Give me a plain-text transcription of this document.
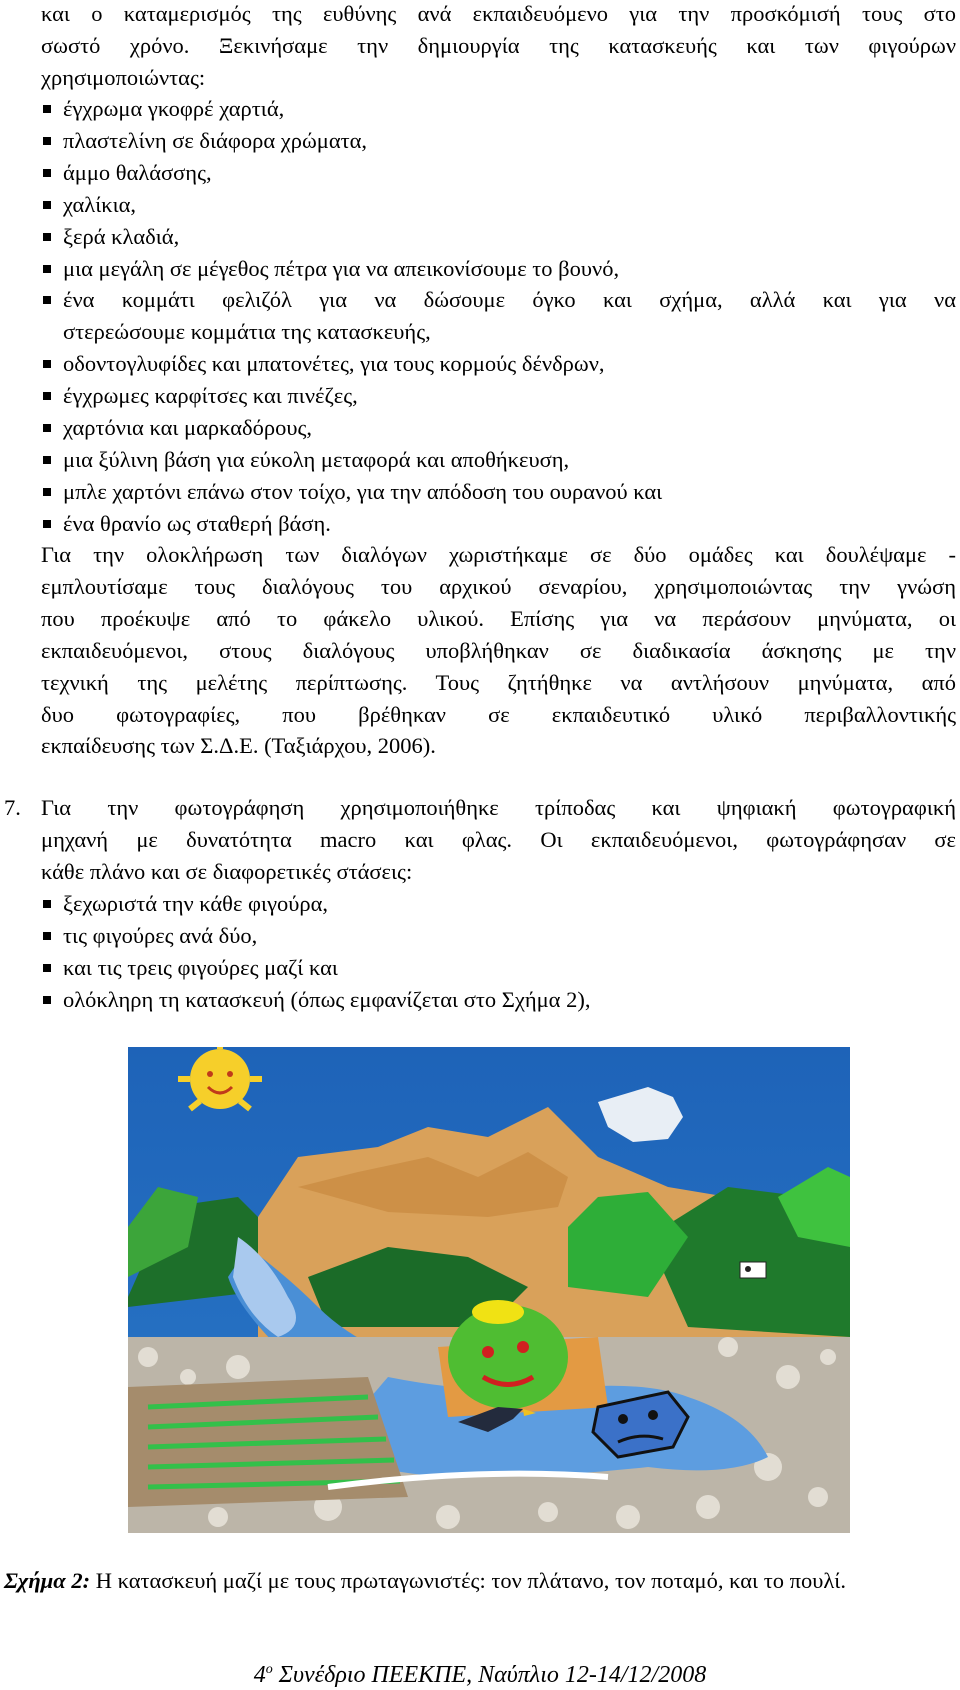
και ο καταμερισμός της ευθύνης ανά εκπαιδευόμενο για την προσκόμισή τους στο
σωστό χρόνο. Ξεκινήσαμε την δημιουργία της κατασκευής και των φιγούρων
χρησιμοποιώντας:
έγχρωμα γκοφρέ χαρτιά,
πλαστελίνη σε διάφορα χρώματα,
άμμο θαλάσσης,
χαλίκια,
ξερά κλαδιά,
μια μεγάλη σε μέγεθος πέτρα για να απεικονίσουμε το βουνό,
ένα κομμάτι φελιζόλ για να δώσουμε όγκο και σχήμα, αλλά και για να
στερεώσουμε κομμάτια της κατασκευής,
οδοντογλυφίδες και μπατονέτες, για τους κορμούς δένδρων,
έγχρωμες καρφίτσες και πινέζες,
χαρτόνια και μαρκαδόρους,
μια ξύλινη βάση για εύκολη μεταφορά και αποθήκευση,
μπλε χαρτόνι επάνω στον τοίχο, για την απόδοση του ουρανού και
ένα θρανίο ως σταθερή βάση.
Για την ολοκλήρωση των διαλόγων χωριστήκαμε σε δύο ομάδες και δουλέψαμε -
εμπλουτίσαμε τους διαλόγους του αρχικού σεναρίου, χρησιμοποιώντας την γνώση
που προέκυψε από το φάκελο υλικού. Επίσης για να περάσουν μηνύματα, οι
εκπαιδευόμενοι, στους διαλόγους υποβλήθηκαν σε διαδικασία άσκησης με την
τεχνική της μελέτης περίπτωσης. Τους ζητήθηκε να αντλήσουν μηνύματα, από
δυο φωτογραφίες, που βρέθηκαν σε εκπαιδευτικό υλικό περιβαλλοντικής
εκπαίδευσης των Σ.Δ.Ε. (Ταξιάρχου, 2006).
7. Για την φωτογράφηση χρησιμοποιήθηκε τρίποδας και ψηφιακή φωτογραφική
μηχανή με δυνατότητα macro και φλας. Οι εκπαιδευόμενοι, φωτογράφησαν σε
κάθε πλάνο και σε διαφορετικές στάσεις:
ξεχωριστά την κάθε φιγούρα,
τις φιγούρες ανά δύο,
και τις τρεις φιγούρες μαζί και
ολόκληρη τη κατασκευή (όπως εμφανίζεται στο Σχήμα 2),
Σχήμα 2: Η κατασκευή μαζί με τους πρωταγωνιστές: τον πλάτανο, τον ποταμό, και το πουλί.
$4^o$ Συνέδριο ΠΕΕΚΠΕ, Ναύπλιο 12-14/12/2008
